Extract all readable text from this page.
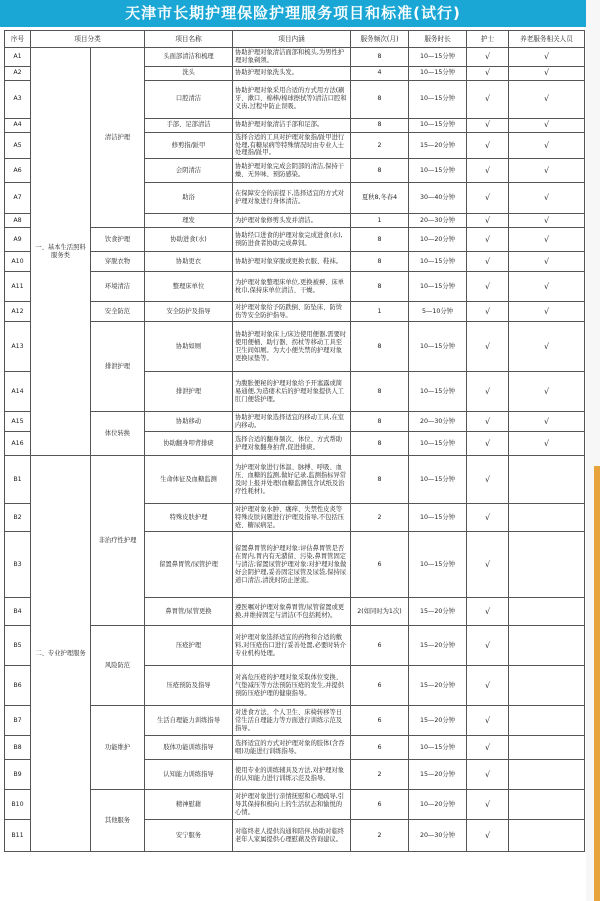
天津市长期护理保险护理服务项目和标准(试行)
序号	项目分类		项目名称	项目内涵	服务频次(月)	服务时长	护士	养老服务相关人员
A1	一、基本生活照料服务类	清洁护理	头面部清洁和梳理	协助护理对象清洁面部和梳头,为男性护理对象剃须。	8	10—15分钟	√	√
A2			洗头	协助护理对象洗头发。	4	10—15分钟	√	√
A3			口腔清洁	协助护理对象采用合适的方式用方法(刷牙、漱口、棉棒/棉球擦拭等)清洁口腔和义齿,过程中防止误吸。	8	10—15分钟	√	√
A4			手部、足部清洁	协助护理对象清洁手部和足部。	8	10—15分钟	√	√
A5			修剪指/趾甲	选择合适的工具对护理对象指/趾甲进行处理,有糖尿病等特殊情况时由专业人士处理指/趾甲。	2	15—20分钟	√	√
A6			会阴清洁	协助护理对象完成会阴部的清洁,保持干燥、无异味、预防感染。	8	10—15分钟	√	√
A7			助浴	在保障安全的前提下,选择适宜的方式对护理对象进行身体清洁。	夏秋8,冬春4	30—40分钟	√	√
A8			理发	为护理对象修剪头发并清洁。	1	20—30分钟	√	√
A9		饮食护理	协助进食(水)	协助经口进食的护理对象完成进食(水),预防进食者协助完成鼻饲。	8	10—20分钟	√	√
A10		穿脱衣物	协助更衣	协助护理对象穿脱或更换衣服、鞋袜。	8	10—15分钟	√	√
A11		环境清洁	整理床单位	为护理对象整理床单位,更换被褥、床单枕巾,保持床单位清洁、干燥。	8	10—15分钟	√	√
A12		安全防范	安全防护及指导	对护理对象给予防跌倒、防坠床、防烫伤等安全防护指导。	1	5—10分钟	√	√
A13		排泄护理	协助如厕	协助护理对象床上/床边使用便器,需要时使用便桶、助行器、拐杖等移动工具至卫生间如厕。为大小便失禁的护理对象更换尿垫等。	8	10—15分钟	√	√
A14			排泄护理	为腹胀便秘的护理对象给予开塞露或简易通便,为造瘘术后的护理对象提供人工肛门便袋护理。	8	10—15分钟	√	√
A15		体位转换	协助移动	协助护理对象选择适宜的移动工具,在室内移动。	8	20—30分钟	√	√
A16			协助翻身叩背排痰	选择合适的翻身频次、体位、方式帮助护理对象翻身拍背,促进排痰。	8	10—15分钟	√	√
B1	二、专业护理服务	非治疗性护理	生命体征及血糖监测	为护理对象进行体温、脉搏、呼吸、血压、血糖的监测,做好记录,监测指标异常及时上报并处理(血糖监测包含试纸及治疗性耗材)。	8	10—15分钟	√	
B2			特殊皮肤护理	对护理对象水肿、瘙痒、失禁性皮炎等特殊皮肤问题进行护理及指导,不包括压疮、糖尿病足。	2	10—15分钟	√	
B3			留置鼻胃管/尿管护理	留置鼻胃管的护理对象:评估鼻胃管是否在胃内,胃内有无潴留、污染,鼻胃管固定与清洁;留置尿管护理对象:对护理对象做好会阴护理,妥善固定尿管及尿袋,保持尿道口清洁,清洗时防止逆流。	6	10—15分钟	√	
B4			鼻胃管/尿管更换	遵医嘱对护理对象鼻胃管/尿管留置或更换,并维持固定与清洁(不包括耗材)。	2(如同时为1次)	15—20分钟	√	
B5		风险防范	压疮护理	对护理对象选择适宜的药物和合适的敷料,对压疮伤口进行妥善处置,必要时转介专业机构处理。	6	15—20分钟	√	
B6			压疮预防及指导	对高危压疮的护理对象采取体位变换、气垫减压等方法预防压疮的发生,并提供预防压疮护理的健康指导。	6	15—20分钟	√	
B7		功能维护	生活自理能力训练指导	对进食方法、个人卫生、床椅转移等日常生活自理能力等方面进行训练示范及指导。	6	15—20分钟	√	
B8			肢体功能训练指导	选择适宜的方式对护理对象的肢体(含吞咽)功能进行训练指导。	6	10—15分钟	√	
B9			认知能力训练指导	使用专业的训练辅具及方法,对护理对象的认知能力进行训练示范及指导。	2	15—20分钟	√	
B10		其他服务	精神慰藉	对护理对象进行亲情抚慰和心理疏导,引导其保持积极向上的生活状态和愉悦的心情。	6	10—20分钟	√	
B11			安宁服务	对临终老人提供沟通和陪伴,协助对临终老年人家属提供心理慰藉及咨询建议。	2	20—30分钟	√	
